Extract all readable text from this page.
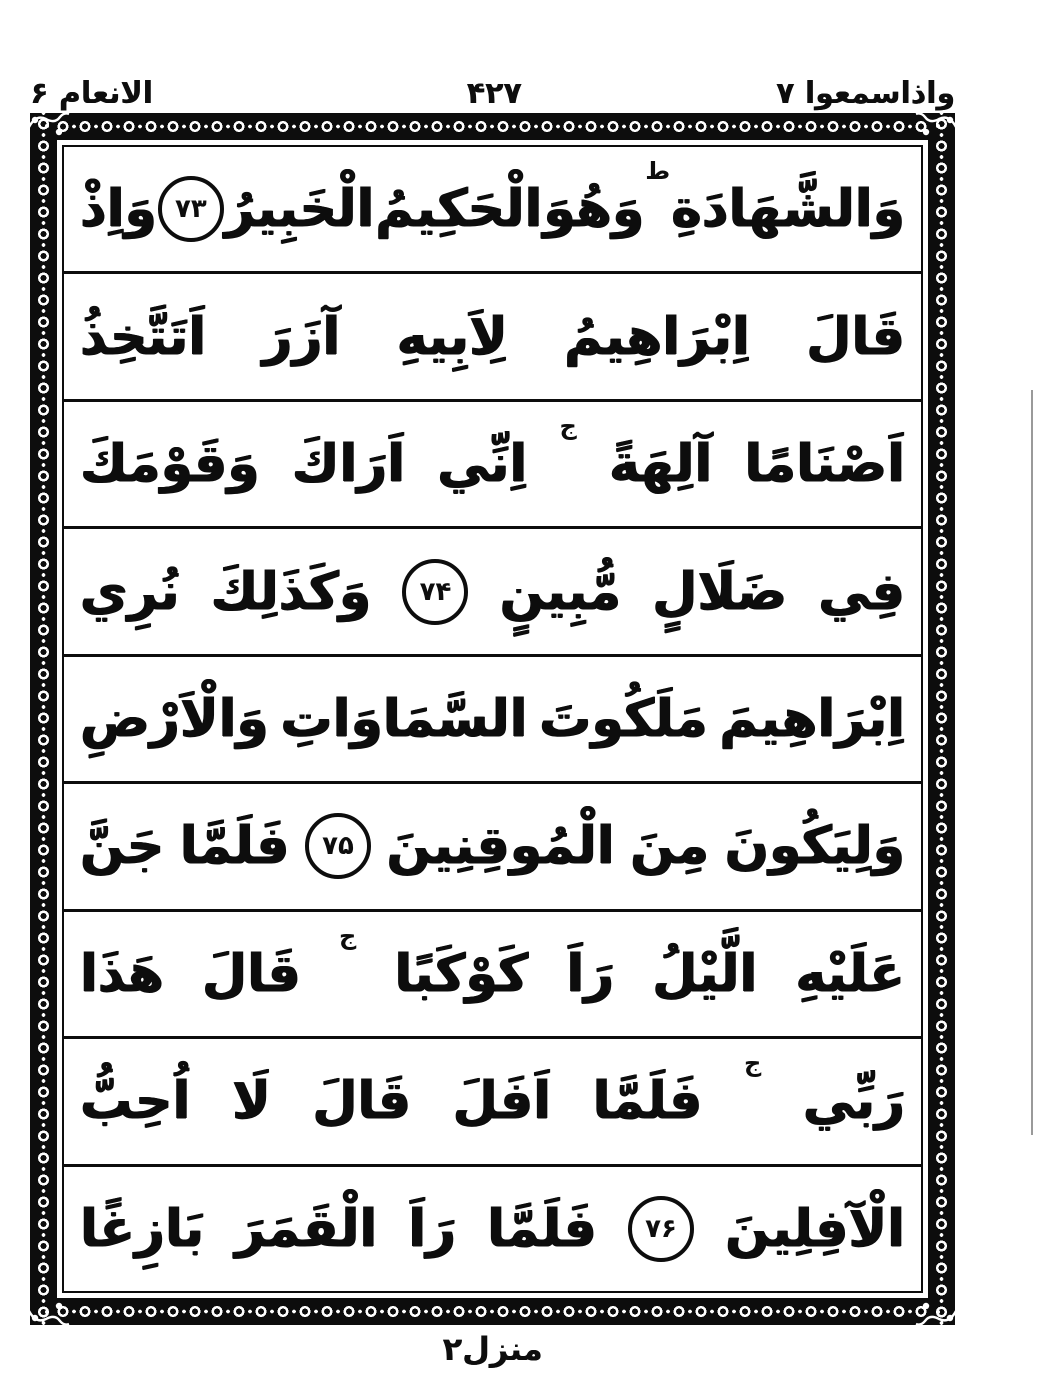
واذاسمعوا ۷
۴۲۷
الانعام ۶
وَالشَّهَادَةِ
ط
وَهُوَ
الْحَكِيمُ
الْخَبِيرُ
۷۳
وَاِذْ
قَالَ
اِبْرَاهِيمُ
لِاَبِيهِ
آزَرَ
اَتَتَّخِذُ
اَصْنَامًا
آلِهَةً
ج
اِنِّي
اَرَاكَ
وَقَوْمَكَ
فِي
ضَلَالٍ
مُّبِينٍ
۷۴
وَكَذَلِكَ
نُرِي
اِبْرَاهِيمَ
مَلَكُوتَ
السَّمَاوَاتِ
وَالْاَرْضِ
وَلِيَكُونَ
مِنَ
الْمُوقِنِينَ
۷۵
فَلَمَّا
جَنَّ
عَلَيْهِ
الَّيْلُ
رَاَ
كَوْكَبًا
ج
قَالَ
هَذَا
رَبِّي
ج
فَلَمَّا
اَفَلَ
قَالَ
لَا
اُحِبُّ
الْآفِلِينَ
۷۶
فَلَمَّا
رَاَ
الْقَمَرَ
بَازِغًا
منزل۲
